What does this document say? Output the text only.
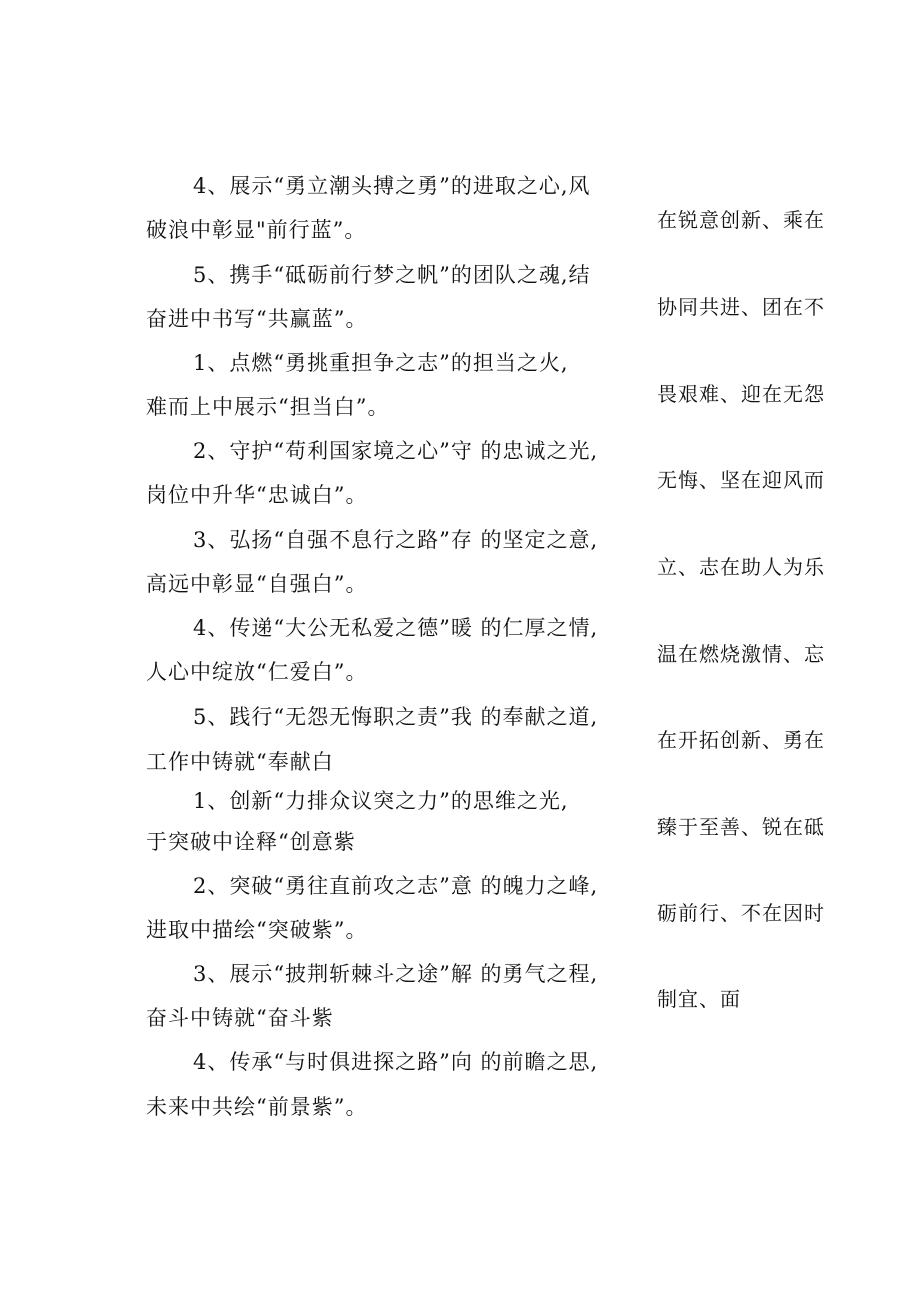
4、展示“勇立潮头搏之勇”的进取之心,风
破浪中彰显"前行蓝”。
5、携手“砥砺前行梦之帆”的团队之魂,结
奋进中书写“共赢蓝”。
1、点燃“勇挑重担争之志”的担当之火,
难而上中展示“担当白”。
2、守护“苟利国家境之心”守 的忠诚之光,
岗位中升华“忠诚白”。
3、弘扬“自强不息行之路”存 的坚定之意,
高远中彰显“自强白”。
4、传递“大公无私爱之德”暖 的仁厚之情,
人心中绽放“仁爱白”。
5、践行“无怨无悔职之责”我 的奉献之道,
工作中铸就“奉献白
1、创新“力排众议突之力”的思维之光,
于突破中诠释“创意紫
2、突破“勇往直前攻之志”意 的魄力之峰,
进取中描绘“突破紫”。
3、展示“披荆斩棘斗之途”解 的勇气之程,
奋斗中铸就“奋斗紫
4、传承“与时俱进探之路”向 的前瞻之思,
未来中共绘“前景紫”。
在锐意创新、乘在
协同共进、团在不
畏艰难、迎在无怨
无悔、坚在迎风而
立、志在助人为乐
温在燃烧激情、忘
在开拓创新、勇在
臻于至善、锐在砥
砺前行、不在因时
制宜、面
